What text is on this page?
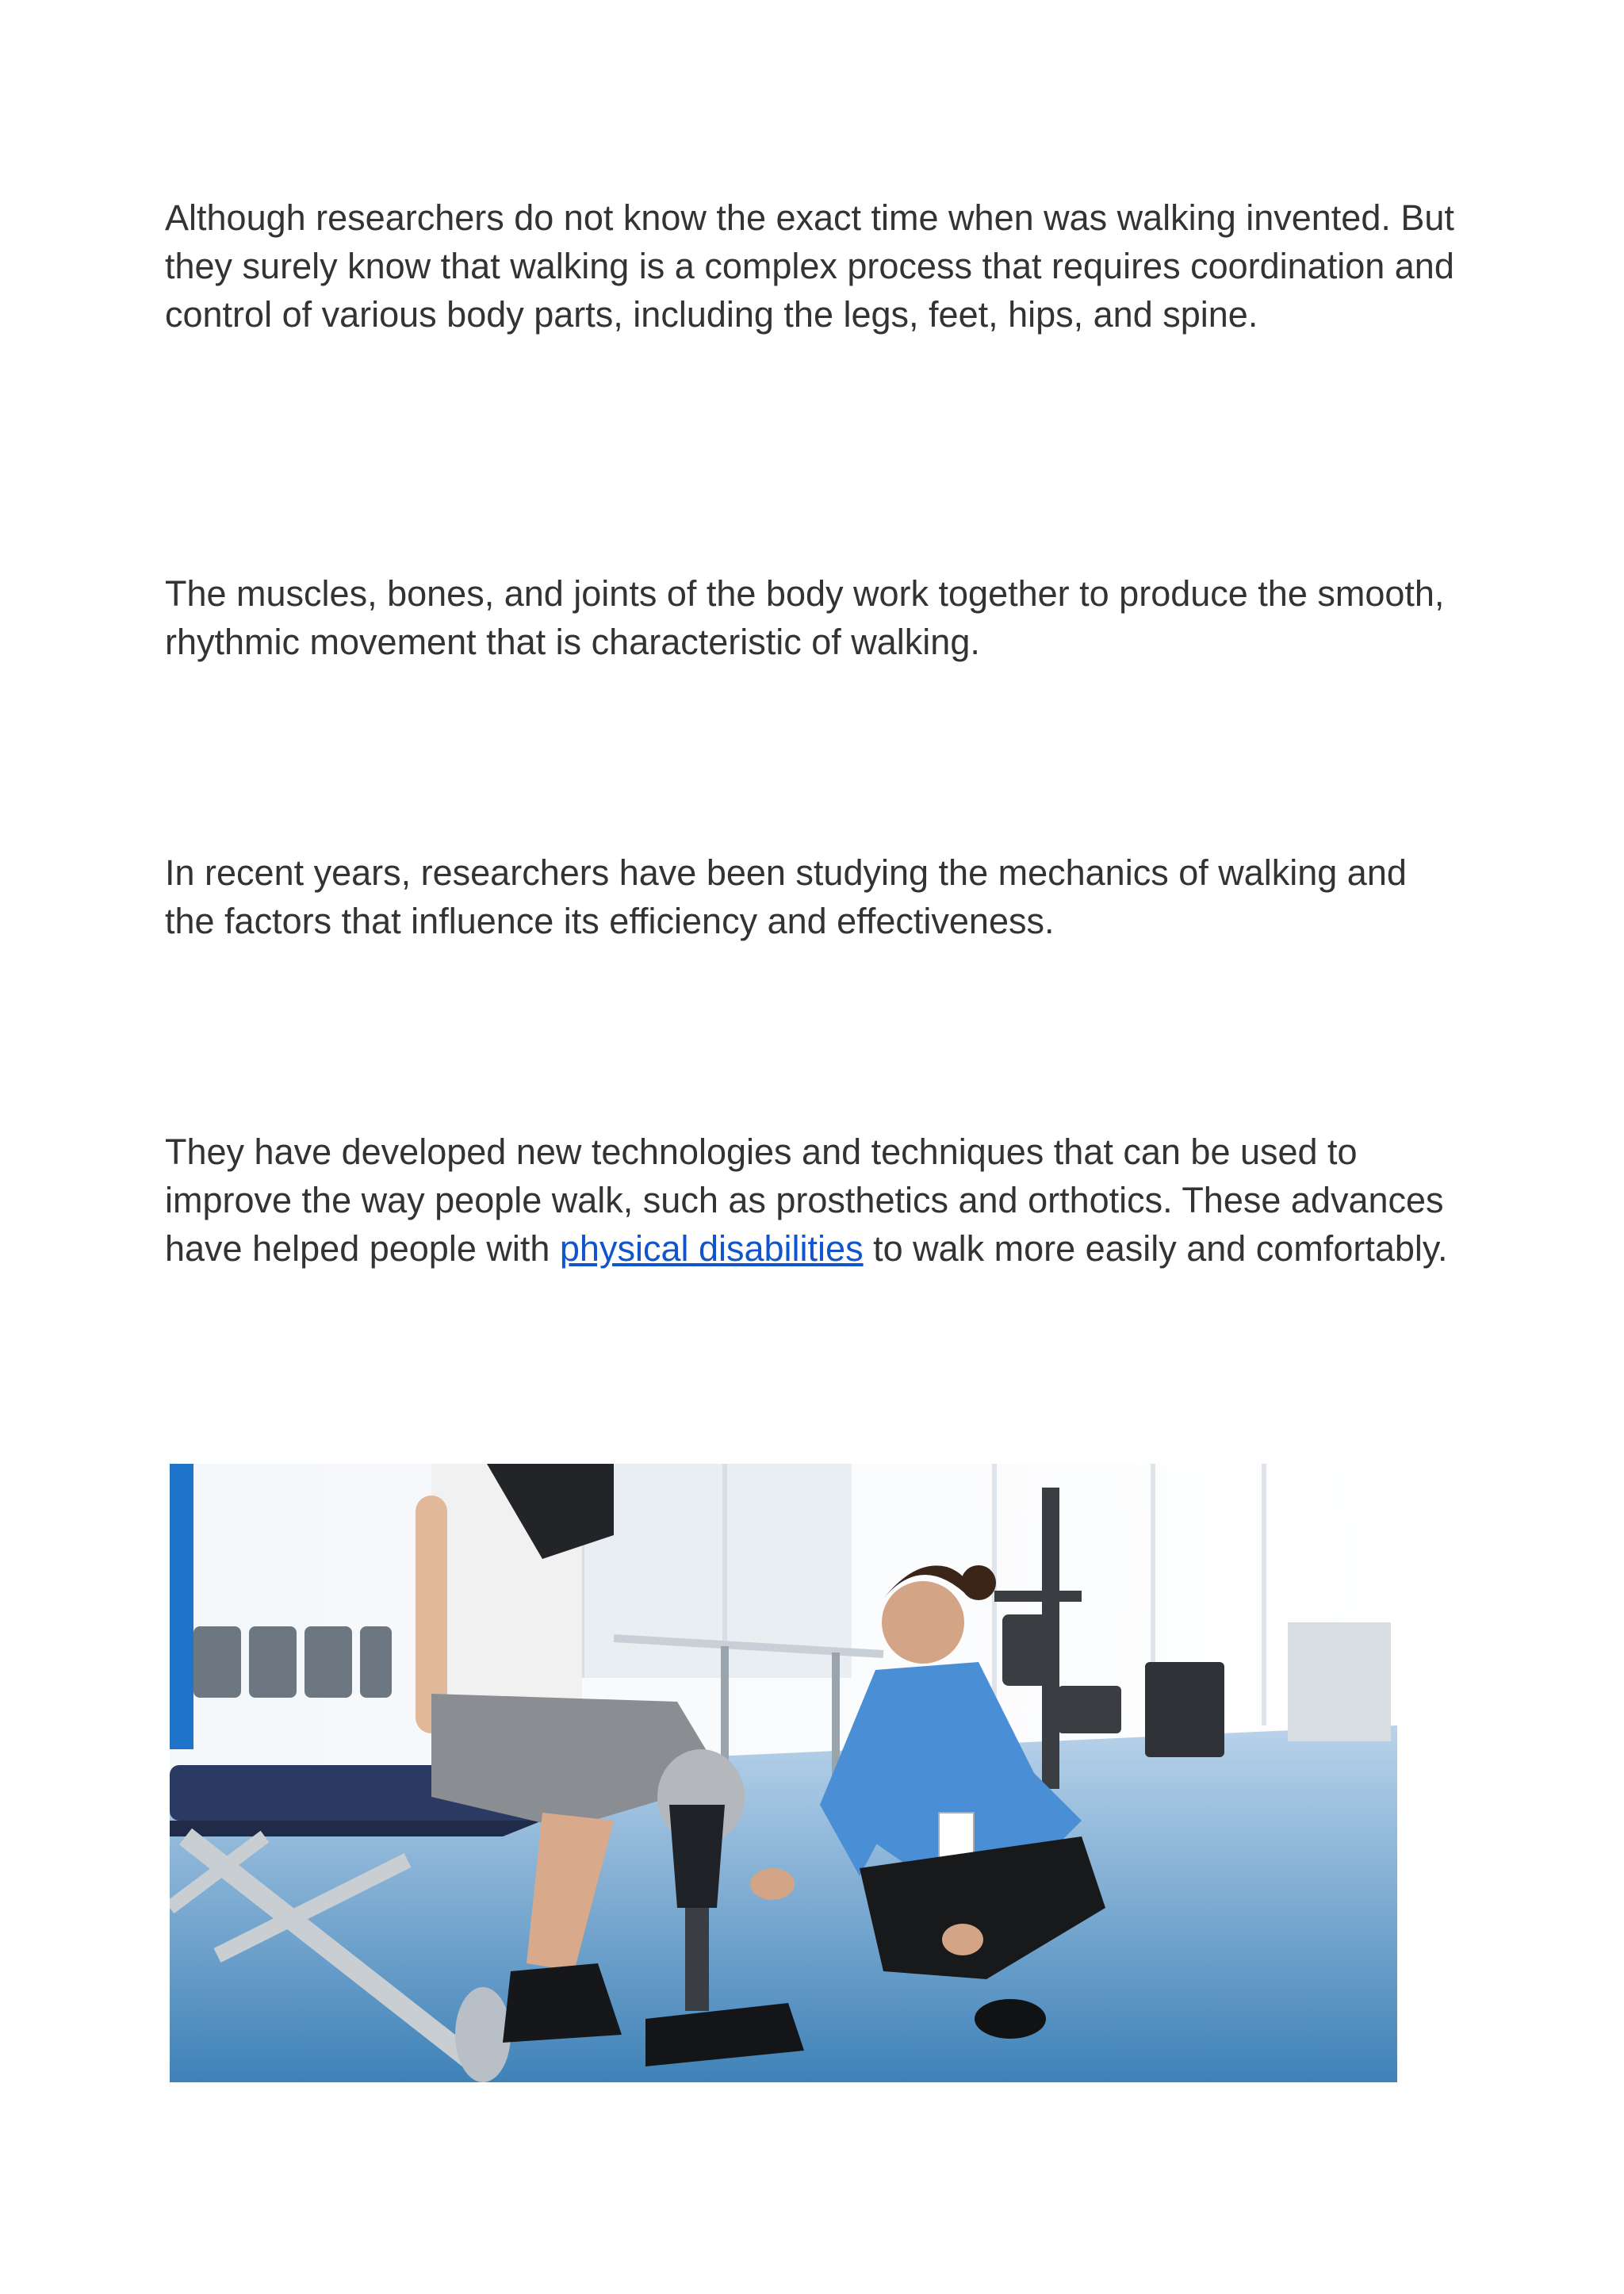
Although researchers do not know the exact time when was walking invented. But they surely know that walking is a complex process that requires coordination and control of various body parts, including the legs, feet, hips, and spine.

The muscles, bones, and joints of the body work together to produce the smooth, rhythmic movement that is characteristic of walking.

In recent years, researchers have been studying the mechanics of walking and the factors that influence its efficiency and effectiveness.

They have developed new technologies and techniques that can be used to improve the way people walk, such as prosthetics and orthotics. These advances have helped people with physical disabilities to walk more easily and comfortably.
